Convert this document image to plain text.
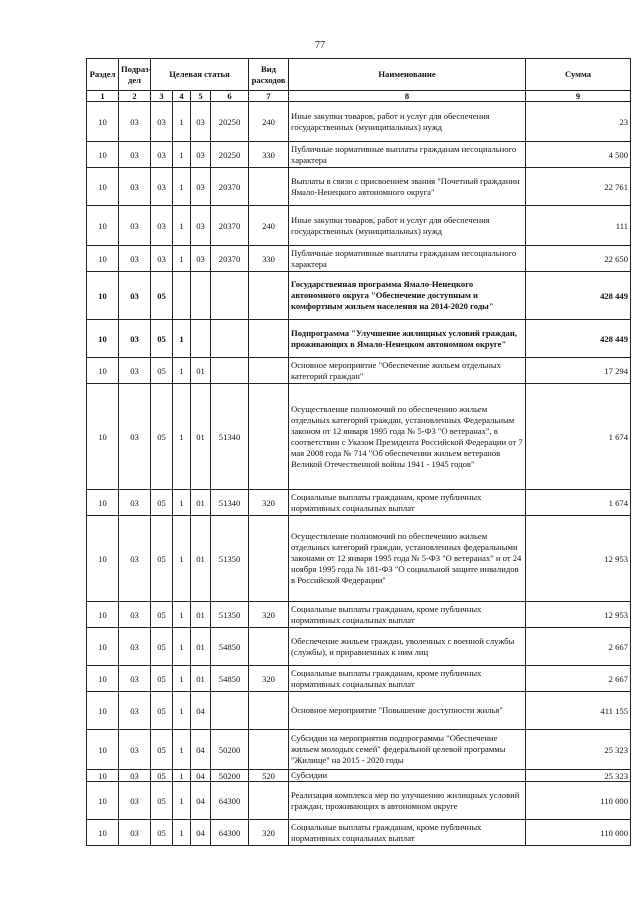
77
Раздел	Подраз-дел	Целевая статья				Вид расходов	Наименование	Сумма
1	2	3	4	5	6	7	8	9
10	03	03	1	03	20250	240	Иные закупки товаров, работ и услуг для обеспечения государственных (муниципальных) нужд	23
10	03	03	1	03	20250	330	Публичные нормативные выплаты гражданам несоциального характера	4 500
10	03	03	1	03	20370		Выплаты в связи с присвоением звания "Почетный гражданин Ямало-Ненецкого автономного округа"	22 761
10	03	03	1	03	20370	240	Иные закупки товаров, работ и услуг для обеспечения государственных (муниципальных) нужд	111
10	03	03	1	03	20370	330	Публичные нормативные выплаты гражданам несоциального характера	22 650
10	03	05					Государственная программа Ямало-Ненецкого автономного округа "Обеспечение доступным и комфортным жильем населения на 2014-2020 годы"	428 449
10	03	05	1				Подпрограмма "Улучшение жилищных условий граждан, проживающих в Ямало-Ненецком автономном округе"	428 449
10	03	05	1	01			Основное мероприятие "Обеспечение жильем отдельных категорий граждан"	17 294
10	03	05	1	01	51340		Осуществление полномочий по обеспечению жильем отдельных категорий граждан, установленных Федеральным законом от 12 января 1995 года № 5-ФЗ "О ветеранах", в соответствии с Указом Президента Российской Федерации от 7 мая 2008 года № 714 "Об обеспечении жильем ветеранов Великой Отечественной войны 1941 - 1945 годов"	1 674
10	03	05	1	01	51340	320	Социальные выплаты гражданам, кроме публичных нормативных социальных выплат	1 674
10	03	05	1	01	51350		Осуществление полномочий по обеспечению жильем отдельных категорий граждан, установленных федеральными законами от 12 января 1995 года № 5-ФЗ "О ветеранах" и от 24 ноября 1995 года № 181-ФЗ "О социальной защите инвалидов в Российской Федерации"	12 953
10	03	05	1	01	51350	320	Социальные выплаты гражданам, кроме публичных нормативных социальных выплат	12 953
10	03	05	1	01	54850		Обеспечение жильем граждан, уволенных с военной службы (службы), и приравненных к ним лиц	2 667
10	03	05	1	01	54850	320	Социальные выплаты гражданам, кроме публичных нормативных социальных выплат	2 667
10	03	05	1	04			Основное мероприятие "Повышение доступности жилья"	411 155
10	03	05	1	04	50200		Субсидии на мероприятия подпрограммы "Обеспечение жильем молодых семей" федеральной целевой программы "Жилище" на 2015 - 2020 годы	25 323
10	03	05	1	04	50200	520	Субсидии	25 323
10	03	05	1	04	64300		Реализация комплекса мер по улучшению жилищных условий граждан, проживающих в автономном округе	110 000
10	03	05	1	04	64300	320	Социальные выплаты гражданам, кроме публичных нормативных социальных выплат	110 000
